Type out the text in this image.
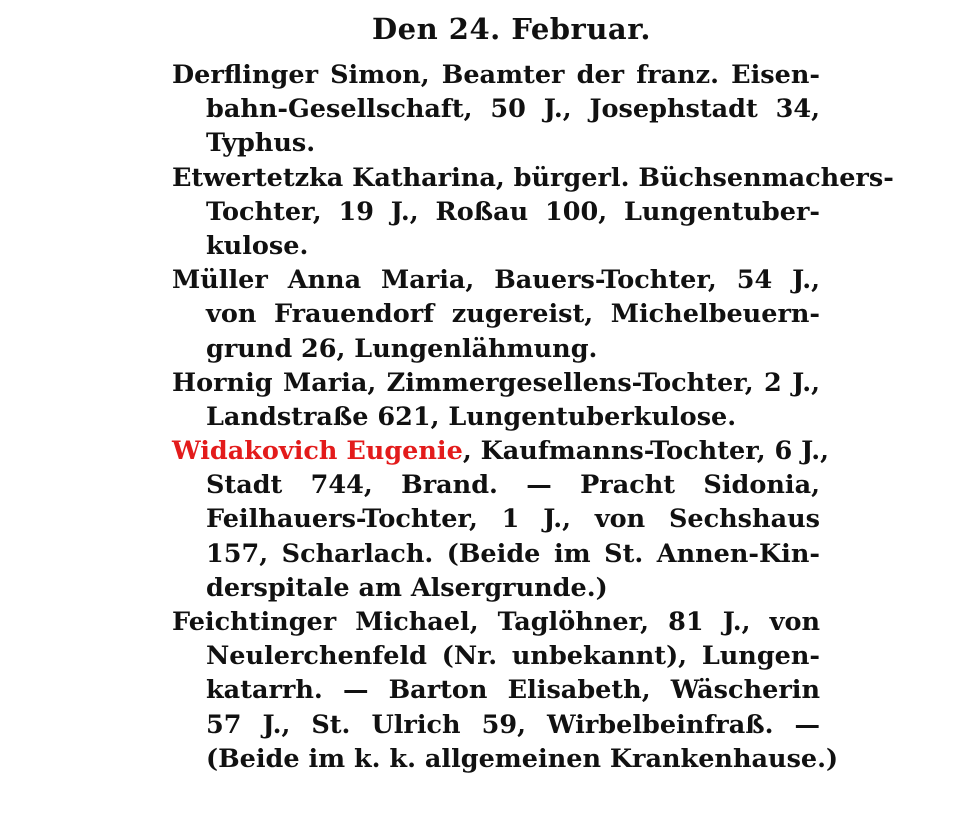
Den 24. Februar.
Derflinger Simon, Beamter der franz. Eisen-
bahn-Gesellschaft, 50 J., Josephstadt 34,
Typhus.
Etwertetzka Katharina, bürgerl. Büchsenmachers-
Tochter, 19 J., Roßau 100, Lungentuber-
kulose.
Müller Anna Maria, Bauers-Tochter, 54 J.,
von Frauendorf zugereist, Michelbeuern-
grund 26, Lungenlähmung.
Hornig Maria, Zimmergesellens-Tochter, 2 J.,
Landstraße 621, Lungentuberkulose.
Widakovich Eugenie, Kaufmanns-Tochter, 6 J.,
Stadt 744, Brand. — Pracht Sidonia,
Feilhauers-Tochter, 1 J., von Sechshaus
157, Scharlach. (Beide im St. Annen-Kin-
derspitale am Alsergrunde.)
Feichtinger Michael, Taglöhner, 81 J., von
Neulerchenfeld (Nr. unbekannt), Lungen-
katarrh. — Barton Elisabeth, Wäscherin
57 J., St. Ulrich 59, Wirbelbeinfraß. —
(Beide im k. k. allgemeinen Krankenhause.)
